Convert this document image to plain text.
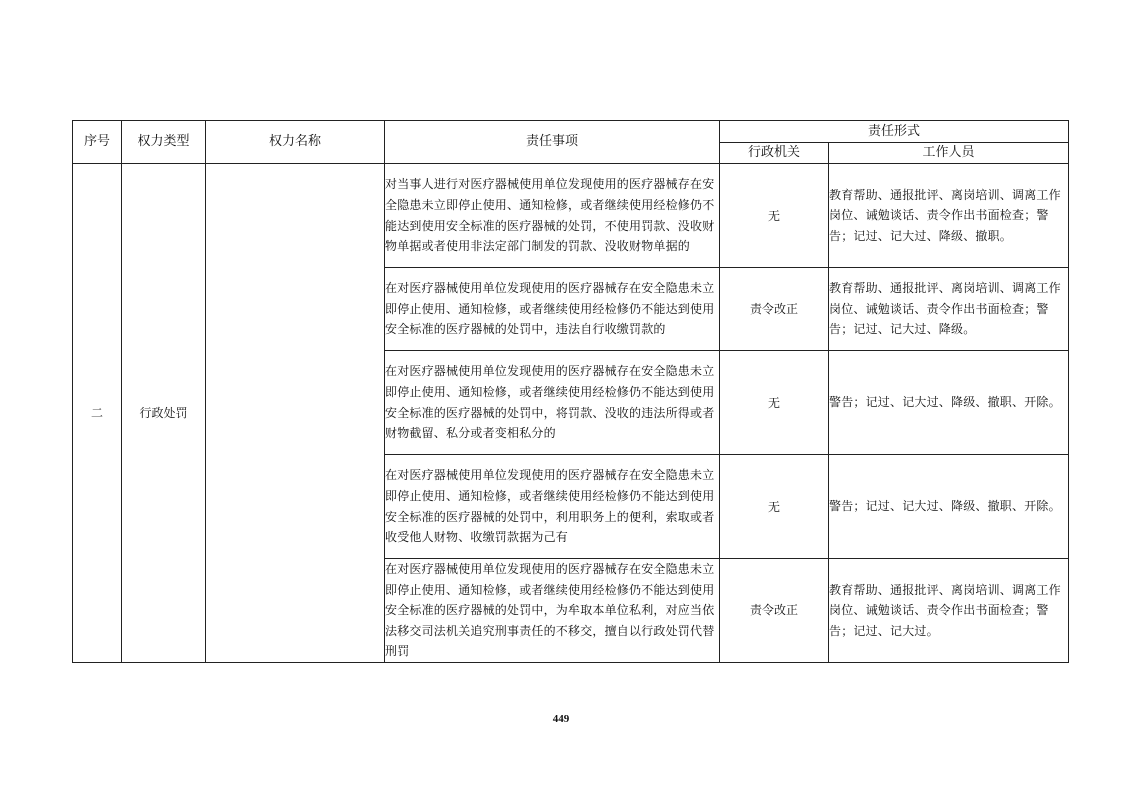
序号	权力类型	权力名称	责任事项	责任形式	
				行政机关	工作人员
二	行政处罚		对当事人进行对医疗器械使用单位发现使用的医疗器械存在安全隐患未立即停止使用、通知检修，或者继续使用经检修仍不能达到使用安全标准的医疗器械的处罚，不使用罚款、没收财物单据或者使用非法定部门制发的罚款、没收财物单据的	无	教育帮助、通报批评、离岗培训、调离工作岗位、诫勉谈话、责令作出书面检查；警告；记过、记大过、降级、撤职。
			在对医疗器械使用单位发现使用的医疗器械存在安全隐患未立即停止使用、通知检修，或者继续使用经检修仍不能达到使用安全标准的医疗器械的处罚中，违法自行收缴罚款的	责令改正	教育帮助、通报批评、离岗培训、调离工作岗位、诫勉谈话、责令作出书面检查；警告；记过、记大过、降级。
			在对医疗器械使用单位发现使用的医疗器械存在安全隐患未立即停止使用、通知检修，或者继续使用经检修仍不能达到使用安全标准的医疗器械的处罚中，将罚款、没收的违法所得或者财物截留、私分或者变相私分的	无	警告；记过、记大过、降级、撤职、开除。
			在对医疗器械使用单位发现使用的医疗器械存在安全隐患未立即停止使用、通知检修，或者继续使用经检修仍不能达到使用安全标准的医疗器械的处罚中，利用职务上的便利，索取或者收受他人财物、收缴罚款据为己有	无	警告；记过、记大过、降级、撤职、开除。
			在对医疗器械使用单位发现使用的医疗器械存在安全隐患未立即停止使用、通知检修，或者继续使用经检修仍不能达到使用安全标准的医疗器械的处罚中，为牟取本单位私利，对应当依法移交司法机关追究刑事责任的不移交，擅自以行政处罚代替刑罚	责令改正	教育帮助、通报批评、离岗培训、调离工作岗位、诫勉谈话、责令作出书面检查；警告；记过、记大过。
449
